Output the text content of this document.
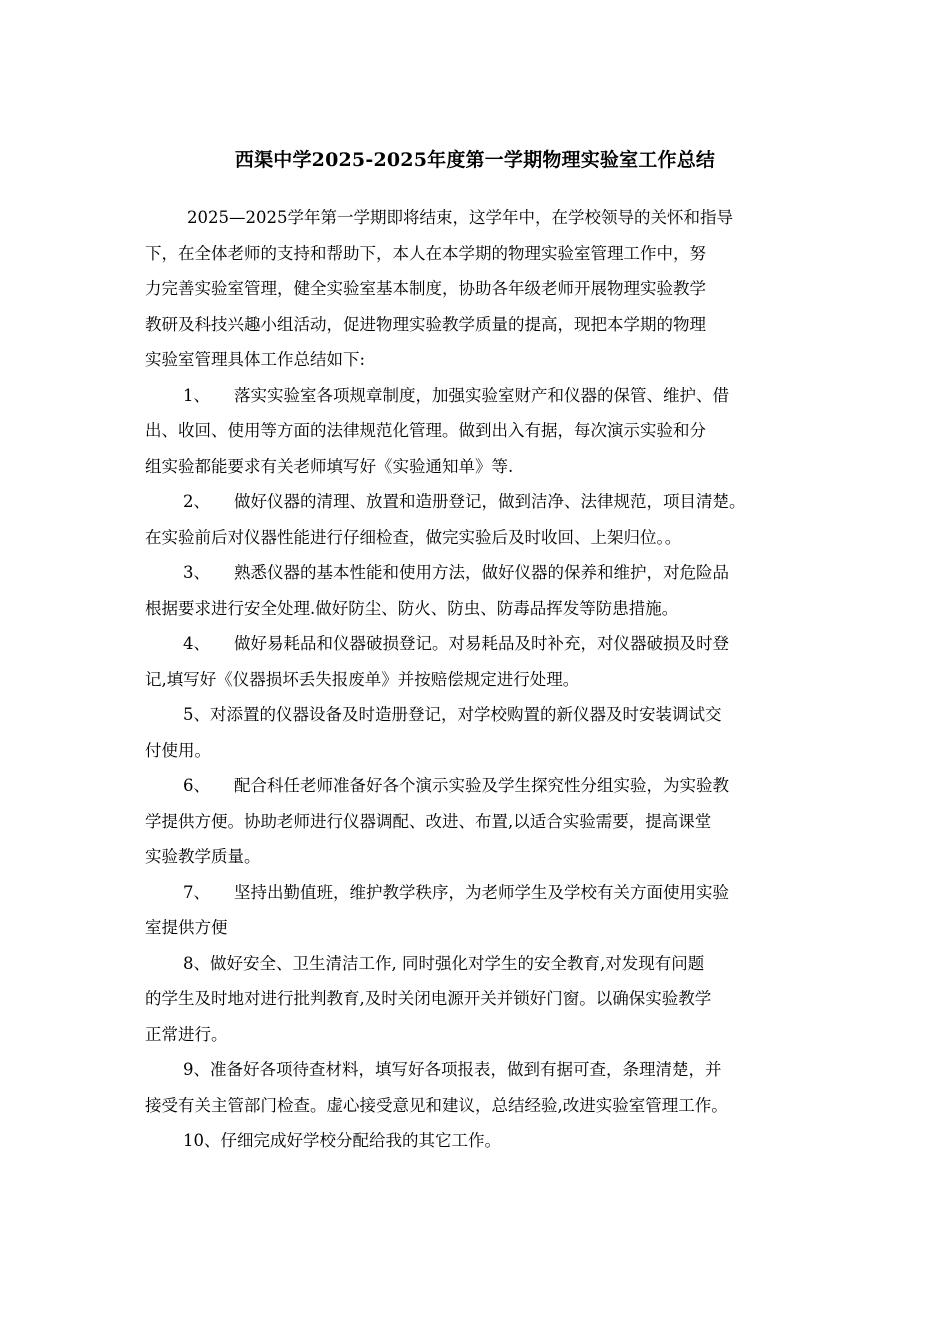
西渠中学2025-2025年度第一学期物理实验室工作总结
2025—2025学年第一学期即将结束，这学年中，在学校领导的关怀和指导
下，在全体老师的支持和帮助下，本人在本学期的物理实验室管理工作中，努
力完善实验室管理，健全实验室基本制度，协助各年级老师开展物理实验教学
教研及科技兴趣小组活动，促进物理实验教学质量的提高，现把本学期的物理
实验室管理具体工作总结如下:
1、 落实实验室各项规章制度，加强实验室财产和仪器的保管、维护、借
出、收回、使用等方面的法律规范化管理。做到出入有据，每次演示实验和分
组实验都能要求有关老师填写好《实验通知单》等.
2、 做好仪器的清理、放置和造册登记，做到洁净、法律规范，项目清楚。
在实验前后对仪器性能进行仔细检查，做完实验后及时收回、上架归位。。
3、 熟悉仪器的基本性能和使用方法，做好仪器的保养和维护，对危险品
根据要求进行安全处理.做好防尘、防火、防虫、防毒品挥发等防患措施。
4、 做好易耗品和仪器破损登记。对易耗品及时补充，对仪器破损及时登
记,填写好《仪器损坏丢失报废单》并按赔偿规定进行处理。
5、对添置的仪器设备及时造册登记，对学校购置的新仪器及时安装调试交
付使用。
6、 配合科任老师准备好各个演示实验及学生探究性分组实验，为实验教
学提供方便。协助老师进行仪器调配、改进、布置,以适合实验需要，提高课堂
实验教学质量。
7、 坚持出勤值班，维护教学秩序，为老师学生及学校有关方面使用实验
室提供方便
8、做好安全、卫生清洁工作, 同时强化对学生的安全教育,对发现有问题
的学生及时地对进行批判教育,及时关闭电源开关并锁好门窗。以确保实验教学
正常进行。
9、准备好各项待查材料，填写好各项报表，做到有据可查，条理清楚，并
接受有关主管部门检查。虚心接受意见和建议，总结经验,改进实验室管理工作。
10、仔细完成好学校分配给我的其它工作。
